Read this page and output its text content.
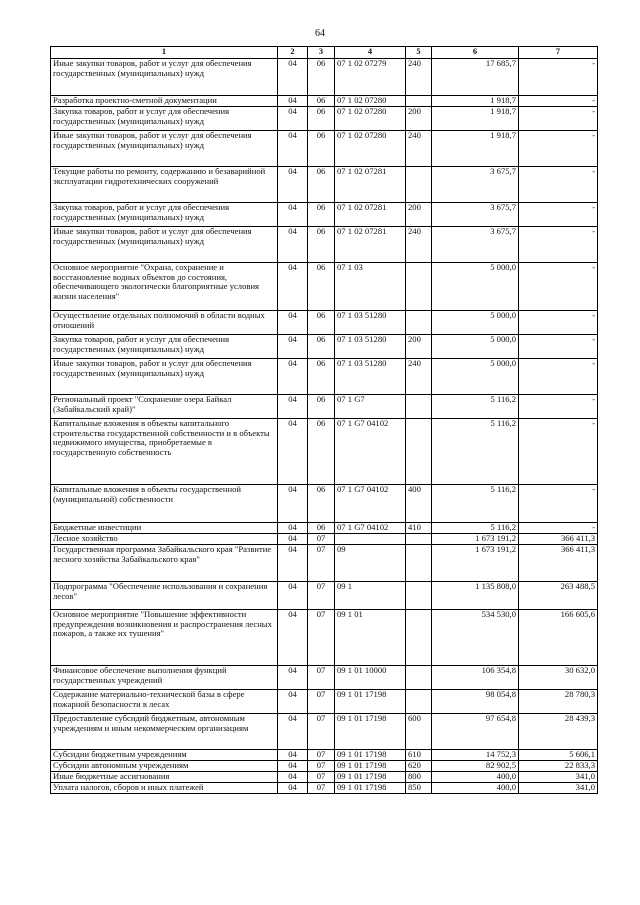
64
1	2	3	4	5	6	7
Иные закупки товаров, работ и услуг для обеспечения государственных (муниципальных) нужд	04	06	07 1 02 07279	240	17 685,7	-
Разработка проектно-сметной документации	04	06	07 1 02 07280		1 918,7	-
Закупка товаров, работ и услуг для обеспечения государственных (муниципальных) нужд	04	06	07 1 02 07280	200	1 918,7	-
Иные закупки товаров, работ и услуг для обеспечения государственных (муниципальных) нужд	04	06	07 1 02 07280	240	1 918,7	-
Текущие работы по ремонту, содержанию и безаварийной эксплуатации гидротехнических сооружений	04	06	07 1 02 07281		3 675,7	-
Закупка товаров, работ и услуг для обеспечения государственных (муниципальных) нужд	04	06	07 1 02 07281	200	3 675,7	-
Иные закупки товаров, работ и услуг для обеспечения государственных (муниципальных) нужд	04	06	07 1 02 07281	240	3 675,7	-
Основное мероприятие "Охрана, сохранение и восстановление водных объектов до состояния, обеспечивающего экологически благоприятные условия жизни населения"	04	06	07 1 03		5 000,0	-
Осуществление отдельных полномочий в области водных отношений	04	06	07 1 03 51280		5 000,0	-
Закупка товаров, работ и услуг для обеспечения государственных (муниципальных) нужд	04	06	07 1 03 51280	200	5 000,0	-
Иные закупки товаров, работ и услуг для обеспечения государственных (муниципальных) нужд	04	06	07 1 03 51280	240	5 000,0	-
Региональный проект "Сохранение озера Байкал (Забайкальский край)"	04	06	07 1 G7		5 116,2	-
Капитальные вложения в объекты капитального строительства государственной собственности и в объекты недвижимого имущества, приобретаемые в государственную собственность	04	06	07 1 G7 04102		5 116,2	-
Капитальные вложения в объекты государственной (муниципальной) собственности	04	06	07 1 G7 04102	400	5 116,2	-
Бюджетные инвестиции	04	06	07 1 G7 04102	410	5 116,2	-
Лесное хозяйство	04	07			1 673 191,2	366 411,3
Государственная программа Забайкальского края "Развитие лесного хозяйства Забайкальского края"	04	07	09		1 673 191,2	366 411,3
Подпрограмма "Обеспечение использования и сохранения лесов"	04	07	09 1		1 135 808,0	263 488,5
Основное мероприятие "Повышение эффективности предупреждения возникновения и распространения лесных пожаров, а также их тушения"	04	07	09 1 01		534 530,0	166 605,6
Финансовое обеспечение выполнения функций государственных учреждений	04	07	09 1 01 10000		106 354,8	30 632,0
Содержание материально-технической базы в сфере пожарной безопасности в лесах	04	07	09 1 01 17198		98 054,8	28 780,3
Предоставление субсидий бюджетным, автономным учреждениям и иным некоммерческим организациям	04	07	09 1 01 17198	600	97 654,8	28 439,3
Субсидии бюджетным учреждениям	04	07	09 1 01 17198	610	14 752,3	5 606,1
Субсидии автономным учреждениям	04	07	09 1 01 17198	620	82 902,5	22 833,3
Иные бюджетные ассигнования	04	07	09 1 01 17198	800	400,0	341,0
Уплата налогов, сборов и иных платежей	04	07	09 1 01 17198	850	400,0	341,0
